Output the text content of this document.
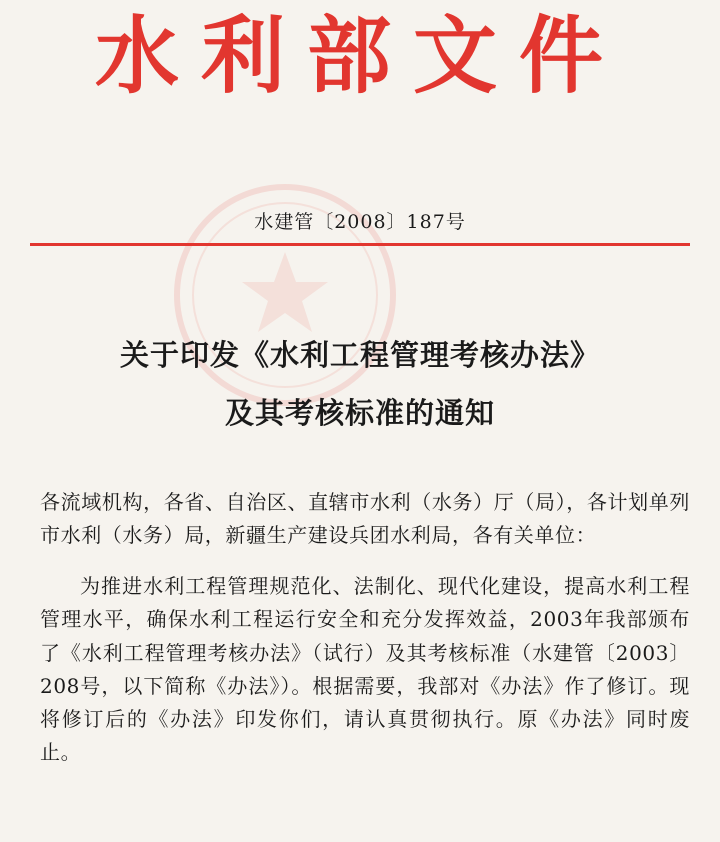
水利部文件
水建管〔2008〕187号
关于印发《水利工程管理考核办法》
及其考核标准的通知

各流域机构，各省、自治区、直辖市水利（水务）厅（局），各计划单列市水利（水务）局，新疆生产建设兵团水利局，各有关单位：

为推进水利工程管理规范化、法制化、现代化建设，提高水利工程管理水平，确保水利工程运行安全和充分发挥效益，2003年我部颁布了《水利工程管理考核办法》（试行）及其考核标准（水建管〔2003〕208号，以下简称《办法》）。根据需要，我部对《办法》作了修订。现将修订后的《办法》印发你们，请认真贯彻执行。原《办法》同时废止。
